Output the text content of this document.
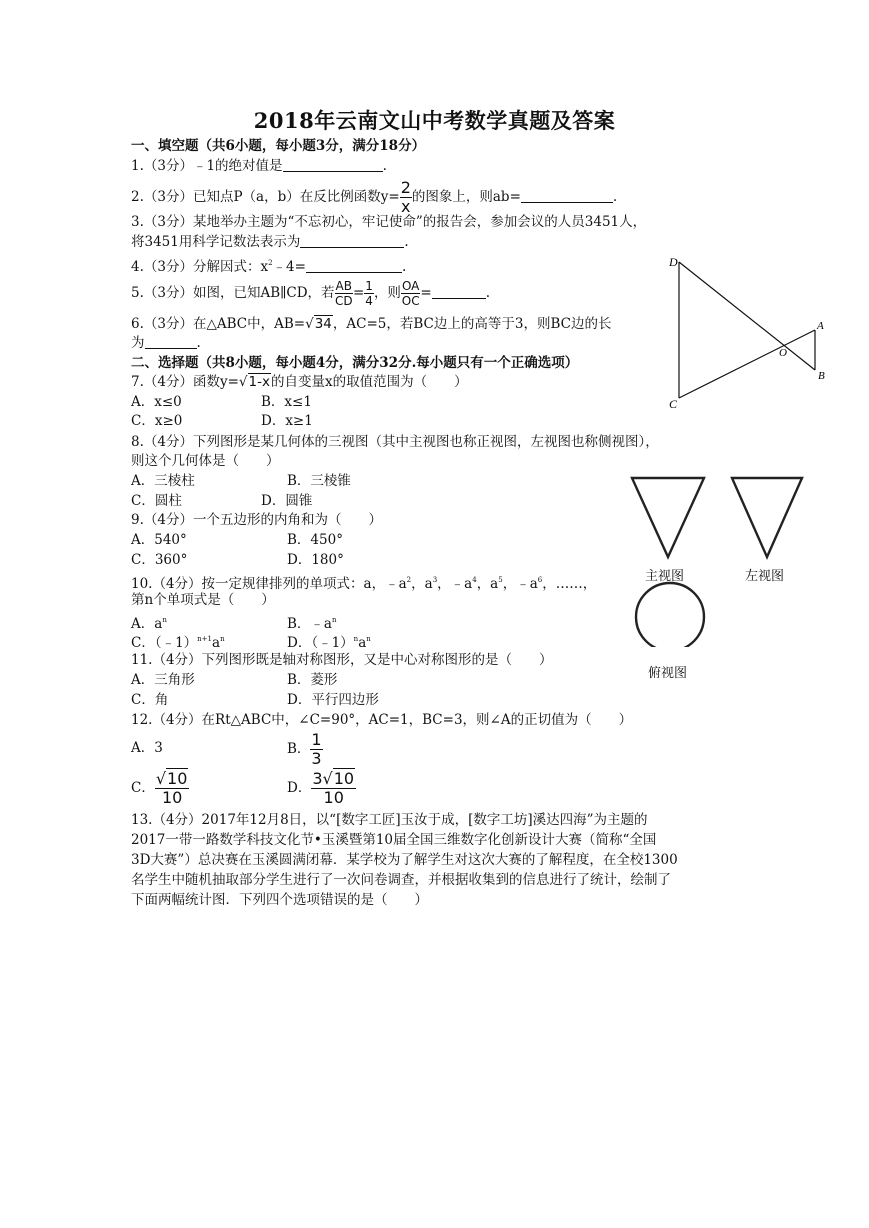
2018年云南文山中考数学真题及答案
一、填空题（共6小题，每小题3分，满分18分）
1.（3分）﹣1的绝对值是	.
2.（3分）已知点P（a，b）在反比例函数$y= \frac{2}{x}$ 的图象上，则ab=	.
3.（3分）某地举办主题为“不忘初心，牢记使命”的报告会，参加会议的人员3451人，
将3451用科学记数法表示为	.
4.（3分）分解因式：$x^2﹣4=$	.
5.（3分）如图，已知AB∥CD，若 $\frac{AB}{CD} = \frac{1}{4}$ ，则 $\frac{OA}{OC}$ =	.
6.（3分）在△ABC中，AB=√34，AC=5，若BC边上的高等于3，则BC边的长
为	.
二、选择题（共8小题，每小题4分，满分32分.每小题只有一个正确选项）
7.（4分）函数y=√1-x的自变量x的取值范围为（　　）
A．x≤0	B．x≤1
C．x≥0	D．x≥1
8.（4分）下列图形是某几何体的三视图（其中主视图也称正视图，左视图也称侧视图），
则这个几何体是（　　）
A．三棱柱	B．三棱锥
C．圆柱	D．圆锥
9.（4分）一个五边形的内角和为（　　）
A．540°	B．450°
C．360°	D．180°
10.（4分）按一定规律排列的单项式：a，$﹣a^2$，$a^3$，$﹣a^4$，$a^5$，$﹣a^6$，……，
第n个单项式是（　　）
A．$a^n$	B．$﹣a^n$
C．$(﹣1)^{n+1}a^n$	D．$(﹣1)^na^n$
11.（4分）下列图形既是轴对称图形，又是中心对称图形的是（　　）
A．三角形	B．菱形
C．角	D．平行四边形
12.（4分）在Rt△ABC中，∠C=90°，AC=1，BC=3，则∠A的正切值为（　　）
A．3	B． $\frac{1}{3}$
C． $\frac{√10}{10}$	D． $\frac{3√10}{10}$
13.（4分）2017年12月8日，以“[数字工匠]玉汝于成，[数字工坊]溪达四海”为主题的
2017一带一路数学科技文化节•玉溪暨第10届全国三维数字化创新设计大赛（简称“全国
3D大赛”）总决赛在玉溪圆满闭幕．某学校为了解学生对这次大赛的了解程度，在全校1300
名学生中随机抽取部分学生进行了一次问卷调查，并根据收集到的信息进行了统计，绘制了
下面两幅统计图．下列四个选项错误的是（　　）
D
A
O
B
C
主视图	左视图
俯视图
